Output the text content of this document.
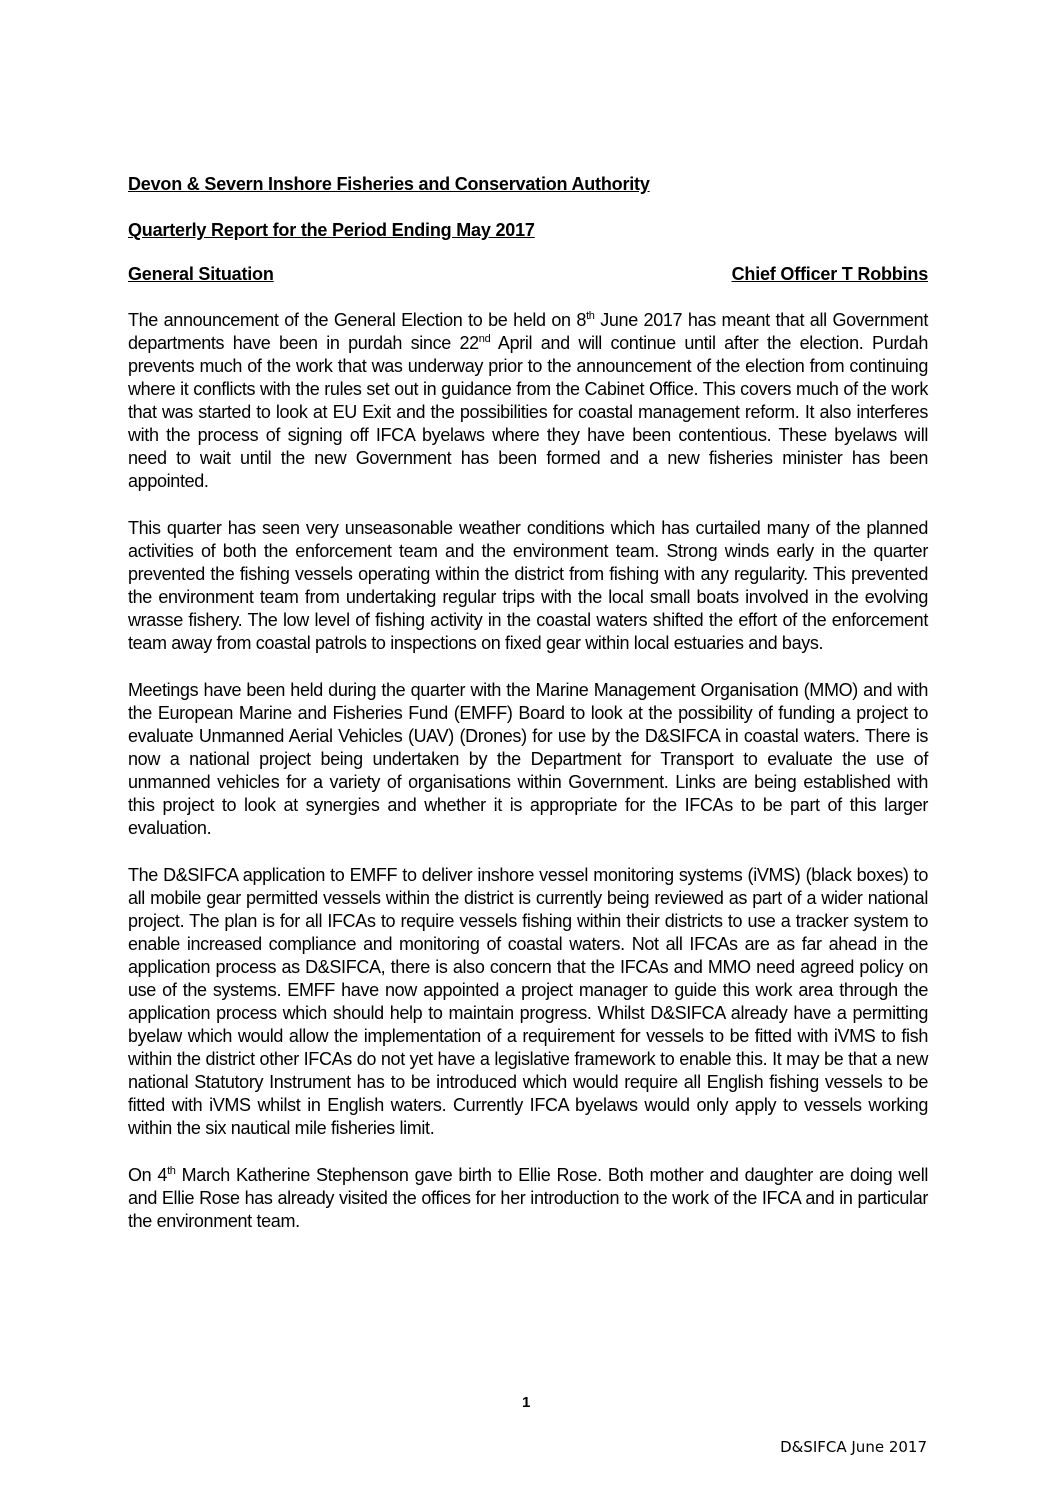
Devon & Severn Inshore Fisheries and Conservation Authority
Quarterly Report for the Period Ending May 2017
General Situation	Chief Officer T Robbins

The announcement of the General Election to be held on 8th June 2017 has meant that all Government departments have been in purdah since 22nd April and will continue until after the election. Purdah prevents much of the work that was underway prior to the announcement of the election from continuing where it conflicts with the rules set out in guidance from the Cabinet Office. This covers much of the work that was started to look at EU Exit and the possibilities for coastal management reform. It also interferes with the process of signing off IFCA byelaws where they have been contentious. These byelaws will need to wait until the new Government has been formed and a new fisheries minister has been appointed.

This quarter has seen very unseasonable weather conditions which has curtailed many of the planned activities of both the enforcement team and the environment team. Strong winds early in the quarter prevented the fishing vessels operating within the district from fishing with any regularity. This prevented the environment team from undertaking regular trips with the local small boats involved in the evolving wrasse fishery. The low level of fishing activity in the coastal waters shifted the effort of the enforcement team away from coastal patrols to inspections on fixed gear within local estuaries and bays.

Meetings have been held during the quarter with the Marine Management Organisation (MMO) and with the European Marine and Fisheries Fund (EMFF) Board to look at the possibility of funding a project to evaluate Unmanned Aerial Vehicles (UAV) (Drones) for use by the D&SIFCA in coastal waters. There is now a national project being undertaken by the Department for Transport to evaluate the use of unmanned vehicles for a variety of organisations within Government. Links are being established with this project to look at synergies and whether it is appropriate for the IFCAs to be part of this larger evaluation.

The D&SIFCA application to EMFF to deliver inshore vessel monitoring systems (iVMS) (black boxes) to all mobile gear permitted vessels within the district is currently being reviewed as part of a wider national project. The plan is for all IFCAs to require vessels fishing within their districts to use a tracker system to enable increased compliance and monitoring of coastal waters. Not all IFCAs are as far ahead in the application process as D&SIFCA, there is also concern that the IFCAs and MMO need agreed policy on use of the systems. EMFF have now appointed a project manager to guide this work area through the application process which should help to maintain progress. Whilst D&SIFCA already have a permitting byelaw which would allow the implementation of a requirement for vessels to be fitted with iVMS to fish within the district other IFCAs do not yet have a legislative framework to enable this. It may be that a new national Statutory Instrument has to be introduced which would require all English fishing vessels to be fitted with iVMS whilst in English waters. Currently IFCA byelaws would only apply to vessels working within the six nautical mile fisheries limit.

On 4th March Katherine Stephenson gave birth to Ellie Rose. Both mother and daughter are doing well and Ellie Rose has already visited the offices for her introduction to the work of the IFCA and in particular the environment team.

1
D&SIFCA June 2017
